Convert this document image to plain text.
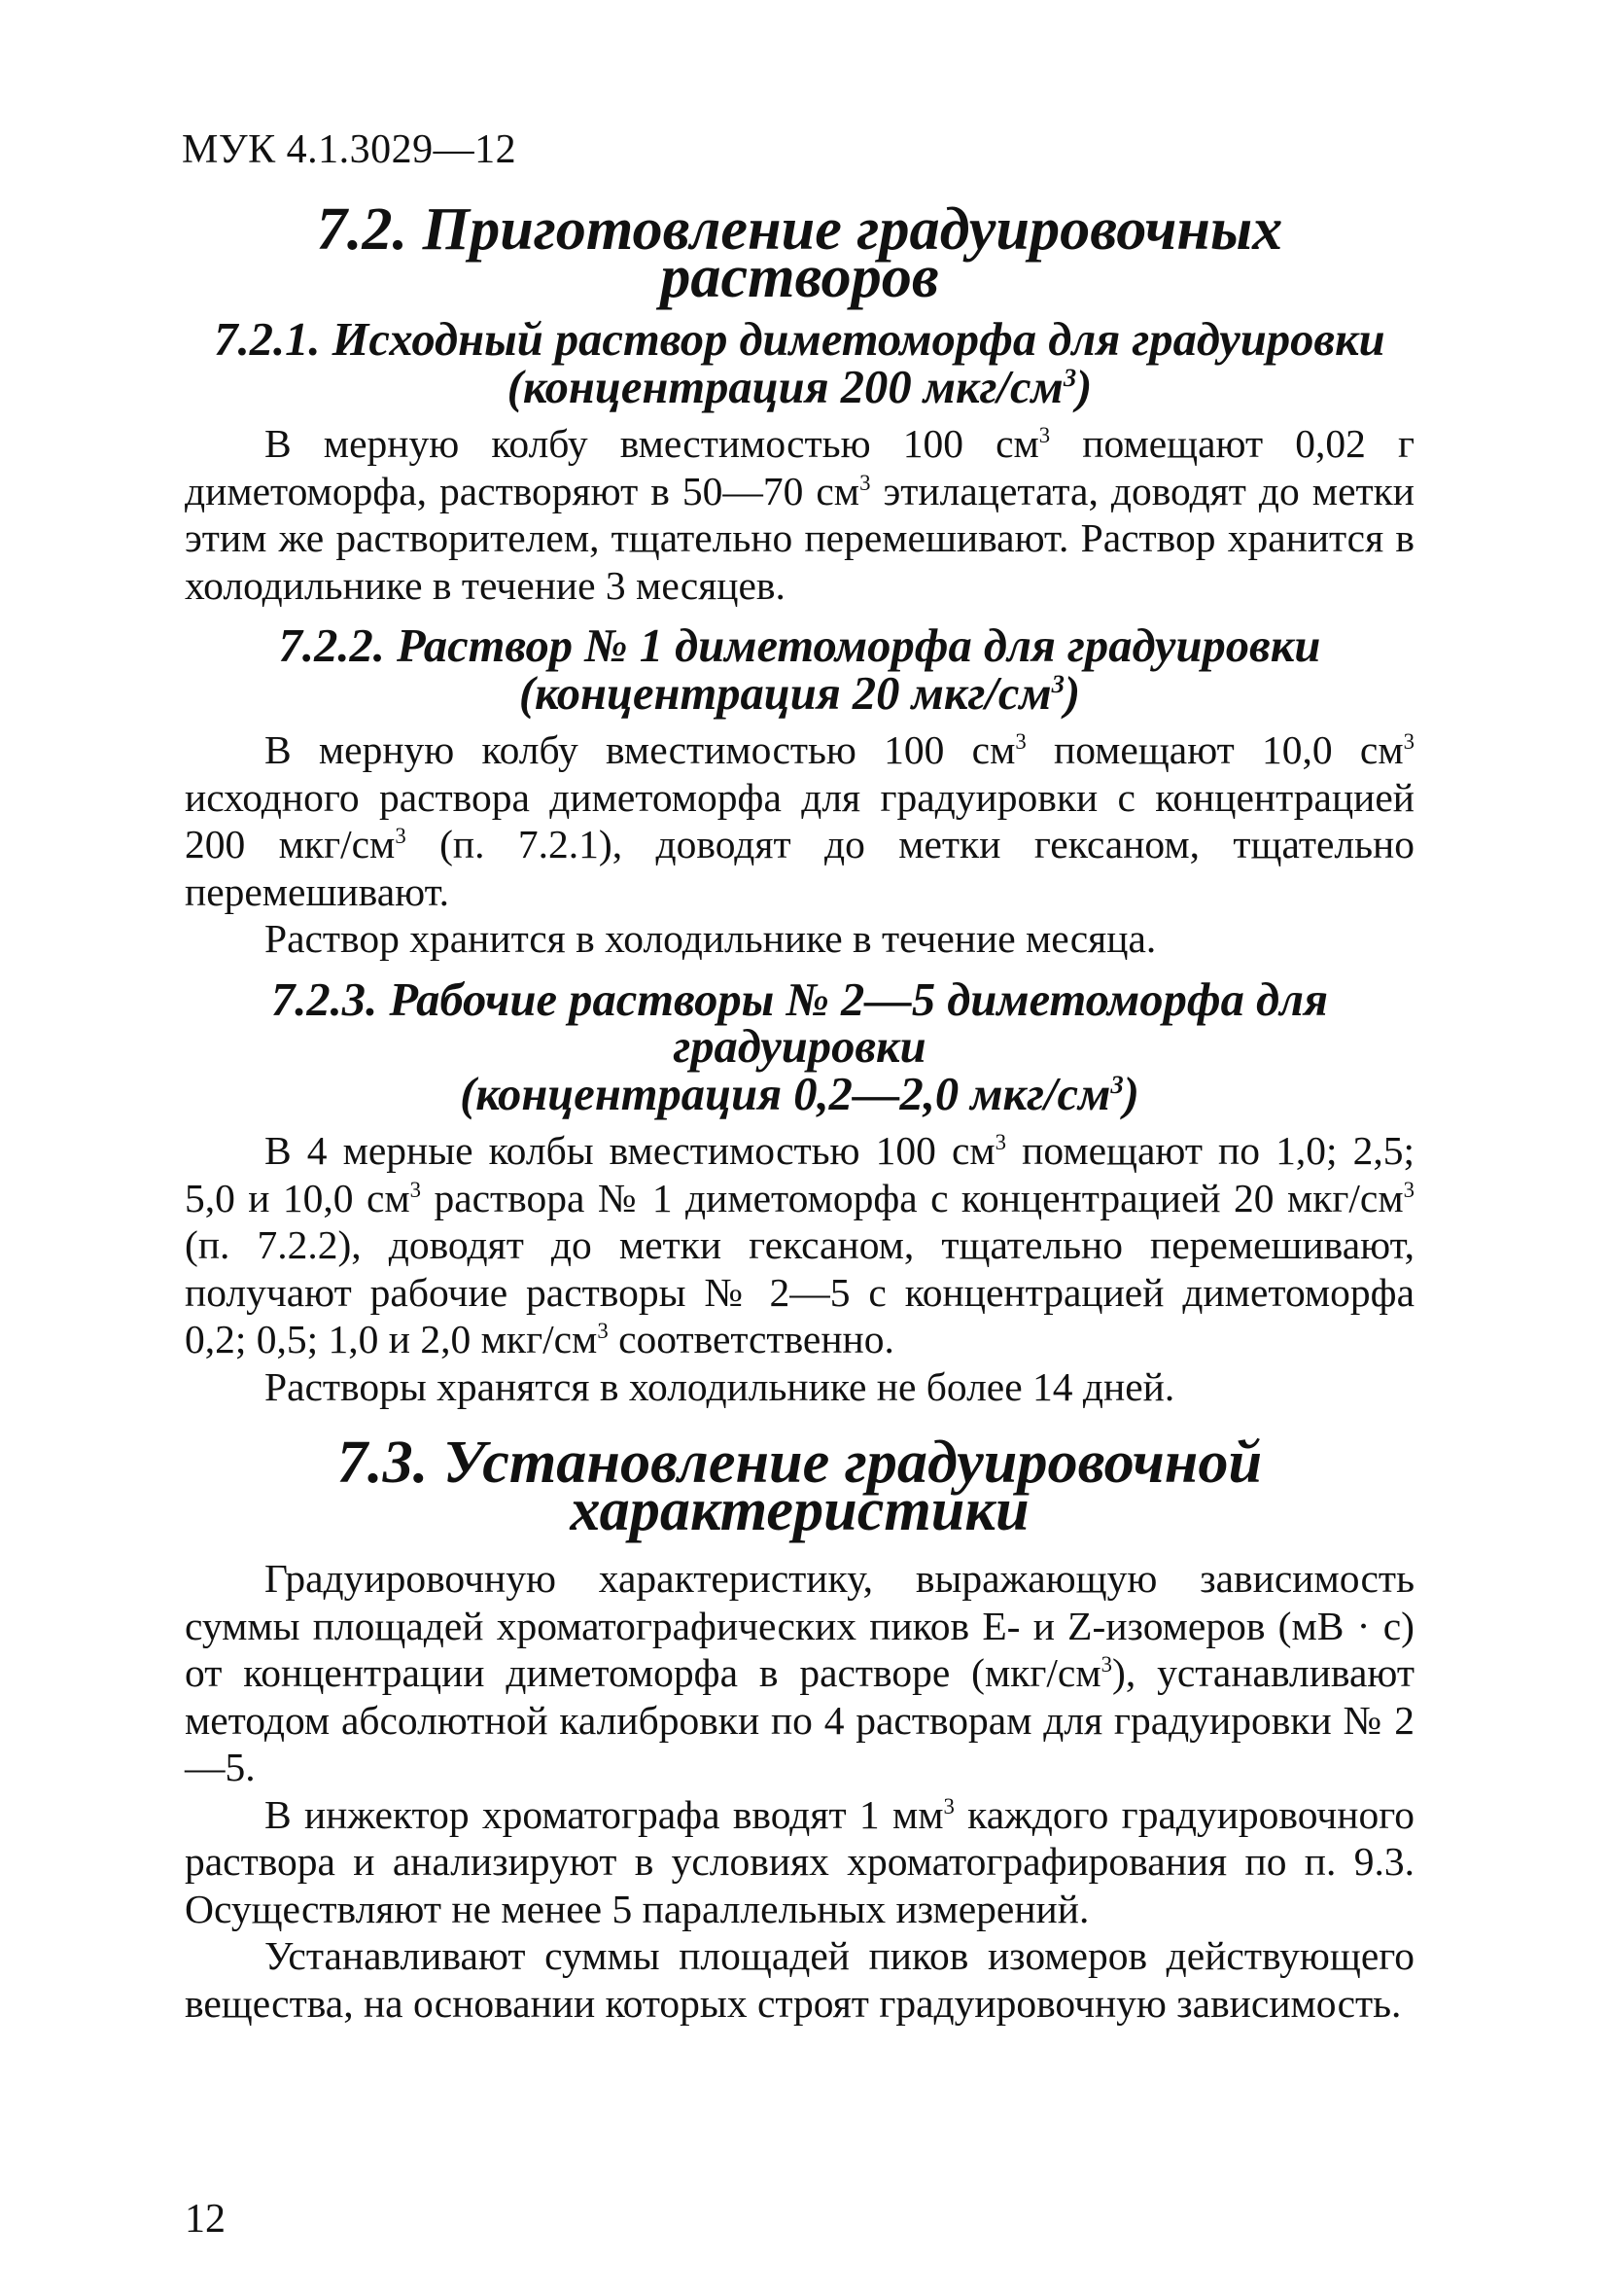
МУК 4.1.3029—12
7.2. Приготовление градуировочных растворов
7.2.1. Исходный раствор диметоморфа для градуировки
(концентрация 200 мкг/$см^3$)

В мерную колбу вместимостью 100 $см^3$ помещают 0,02 г диметоморфа, растворяют в 50—70 $см^3$ этилацетата, доводят до метки этим же растворителем, тщательно перемешивают. Раствор хранится в холодильнике в течение 3 месяцев.

7.2.2. Раствор № 1 диметоморфа для градуировки
(концентрация 20 мкг/$см^3$)

В мерную колбу вместимостью 100 $см^3$ помещают 10,0 $см^3$ исходного раствора диметоморфа для градуировки с концентрацией 200 мкг/$см^3$ (п. 7.2.1), доводят до метки гексаном, тщательно перемешивают.

Раствор хранится в холодильнике в течение месяца.

7.2.3. Рабочие растворы № 2—5 диметоморфа для градуировки
(концентрация 0,2—2,0 мкг/$см^3$)

В 4 мерные колбы вместимостью 100 $см^3$ помещают по 1,0; 2,5; 5,0 и 10,0 $см^3$ раствора № 1 диметоморфа с концентрацией 20 мкг/$см^3$ (п. 7.2.2), доводят до метки гексаном, тщательно перемешивают, получают рабочие растворы № 2—5 с концентрацией диметоморфа 0,2; 0,5; 1,0 и 2,0 мкг/$см^3$ соответственно.

Растворы хранятся в холодильнике не более 14 дней.

7.3. Установление градуировочной характеристики

Градуировочную характеристику, выражающую зависимость суммы площадей хроматографических пиков Е- и Z-изомеров (мВ · с) от концентрации диметоморфа в растворе $(мкг/см^3)$, устанавливают методом абсолютной калибровки по 4 растворам для градуировки № 2—5.

В инжектор хроматографа вводят 1 $мм^3$ каждого градуировочного раствора и анализируют в условиях хроматографирования по п. 9.3. Осуществляют не менее 5 параллельных измерений.

Устанавливают суммы площадей пиков изомеров действующего вещества, на основании которых строят градуировочную зависимость.

12
